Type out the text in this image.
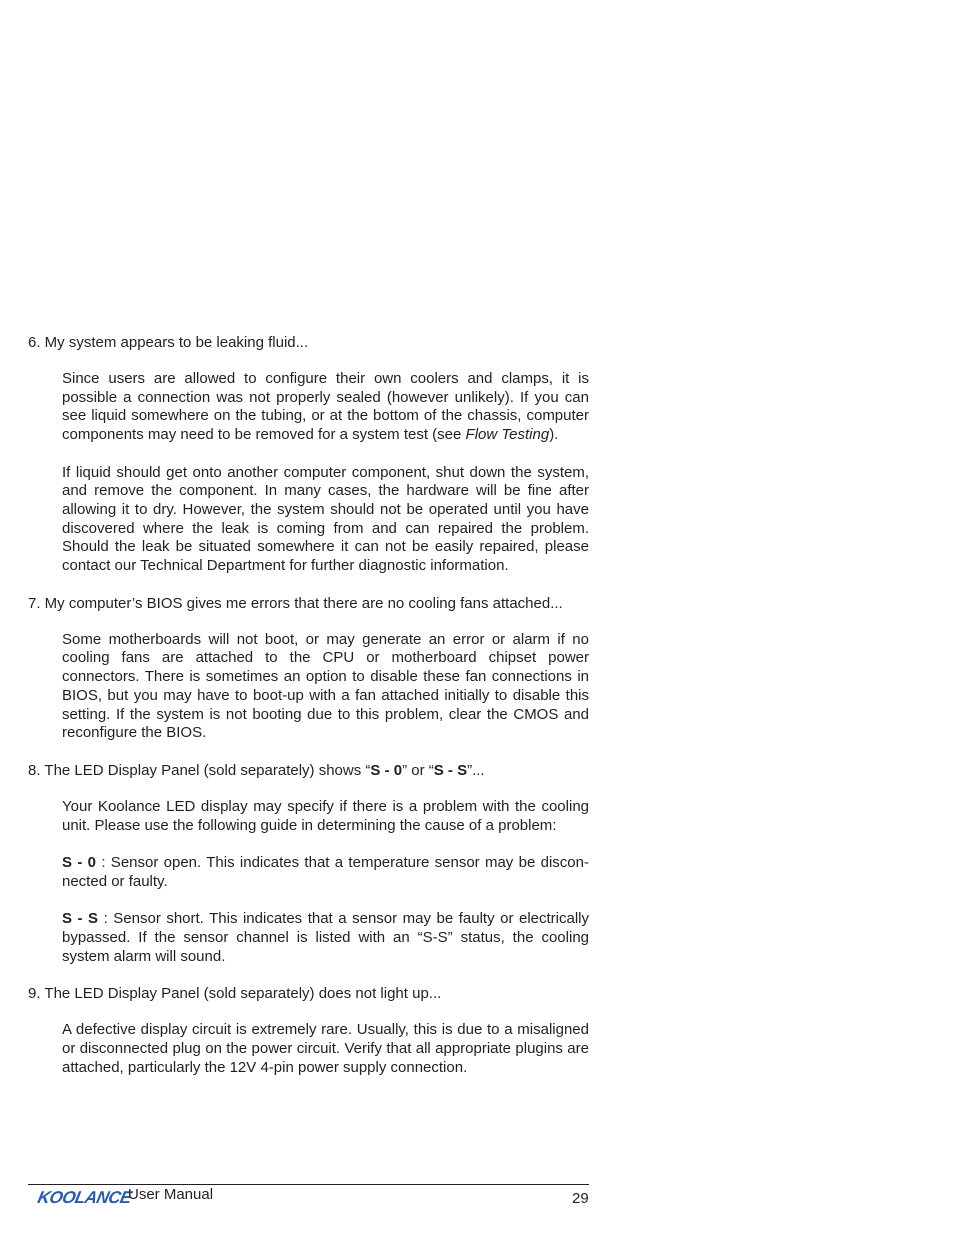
6. My system appears to be leaking fluid...

Since users are allowed to configure their own coolers and clamps, it is possible a connection was not properly sealed (however unlikely). If you can see liquid somewhere on the tubing, or at the bottom of the chassis, computer components may need to be removed for a system test (see Flow Testing).

If liquid should get onto another computer component, shut down the system, and remove the component. In many cases, the hardware will be fine after allowing it to dry. However, the system should not be operated until you have discovered where the leak is coming from and can repaired the problem. Should the leak be situated somewhere it can not be easily repaired, please contact our Technical Department for further diagnostic information.

7. My computer’s BIOS gives me errors that there are no cooling fans attached...

Some motherboards will not boot, or may generate an error or alarm if no cooling fans are attached to the CPU or motherboard chipset power connectors. There is sometimes an option to disable these fan connections in BIOS, but you may have to boot-up with a fan attached initially to disable this setting. If the system is not booting due to this problem, clear the CMOS and reconfigure the BIOS.

8. The LED Display Panel (sold separately) shows “S - 0” or “S - S”...

Your Koolance LED display may specify if there is a problem with the cooling unit. Please use the following guide in determining the cause of a problem:

S - 0 : Sensor open. This indicates that a temperature sensor may be discon-nected or faulty.

S - S : Sensor short. This indicates that a sensor may be faulty or electrically bypassed. If the sensor channel is listed with an “S-S” status, the cooling system alarm will sound.

9. The LED Display Panel (sold separately) does not light up...

A defective display circuit is extremely rare. Usually, this is due to a misaligned or disconnected plug on the power circuit. Verify that all appropriate plugins are attached, particularly the 12V 4-pin power supply connection.

KOOLANCE
User Manual	29
